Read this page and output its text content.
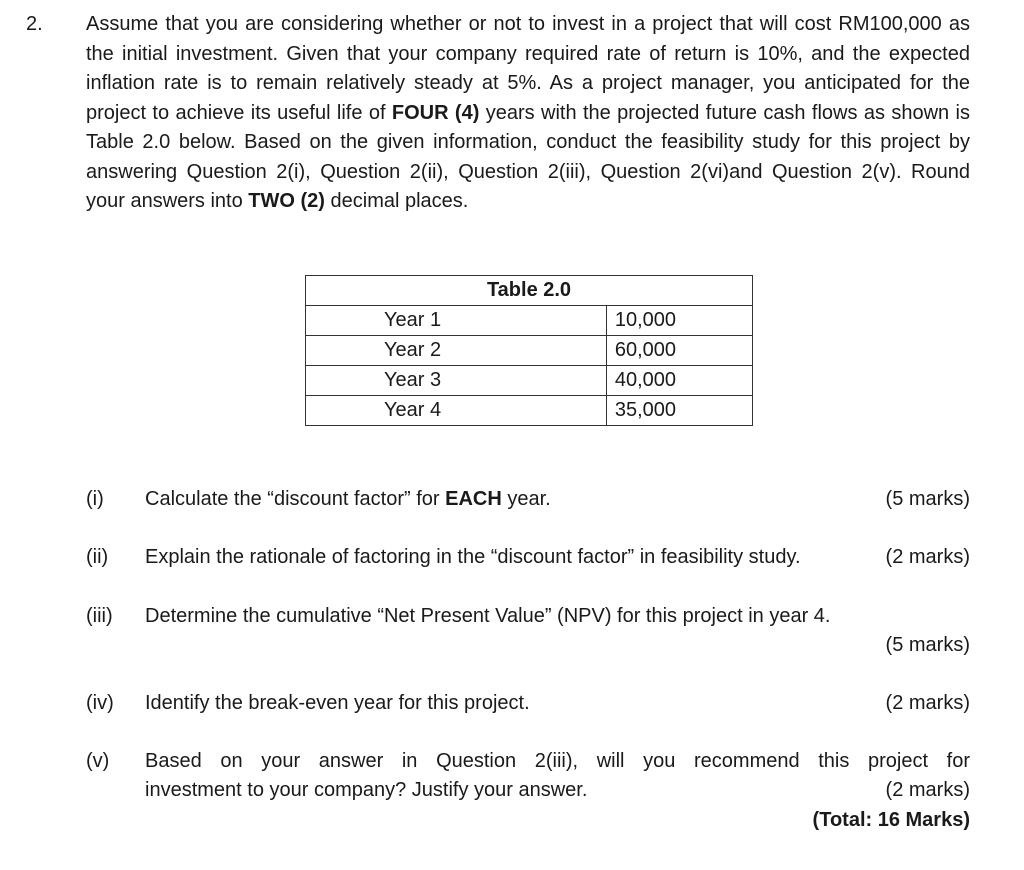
2. Assume that you are considering whether or not to invest in a project that will cost RM100,000 as the initial investment. Given that your company required rate of return is 10%, and the expected inflation rate is to remain relatively steady at 5%. As a project manager, you anticipated for the project to achieve its useful life of FOUR (4) years with the projected future cash flows as shown is Table 2.0 below. Based on the given information, conduct the feasibility study for this project by answering Question 2(i), Question 2(ii), Question 2(iii), Question 2(vi)and Question 2(v). Round your answers into TWO (2) decimal places.

Table 2.0	
Year 1	10,000
Year 2	60,000
Year 3	40,000
Year 4	35,000
(i) Calculate the “discount factor” for EACH year.	(5 marks)
(ii) Explain the rationale of factoring in the “discount factor” in feasibility study.	(2 marks)
(iii) Determine the cumulative “Net Present Value” (NPV) for this project in year 4.
(5 marks)
(iv) Identify the break-even year for this project.	(2 marks)
(v) Based on your answer in Question 2(iii), will you recommend this project for
investment to your company? Justify your answer.	(2 marks)
(Total: 16 Marks)
